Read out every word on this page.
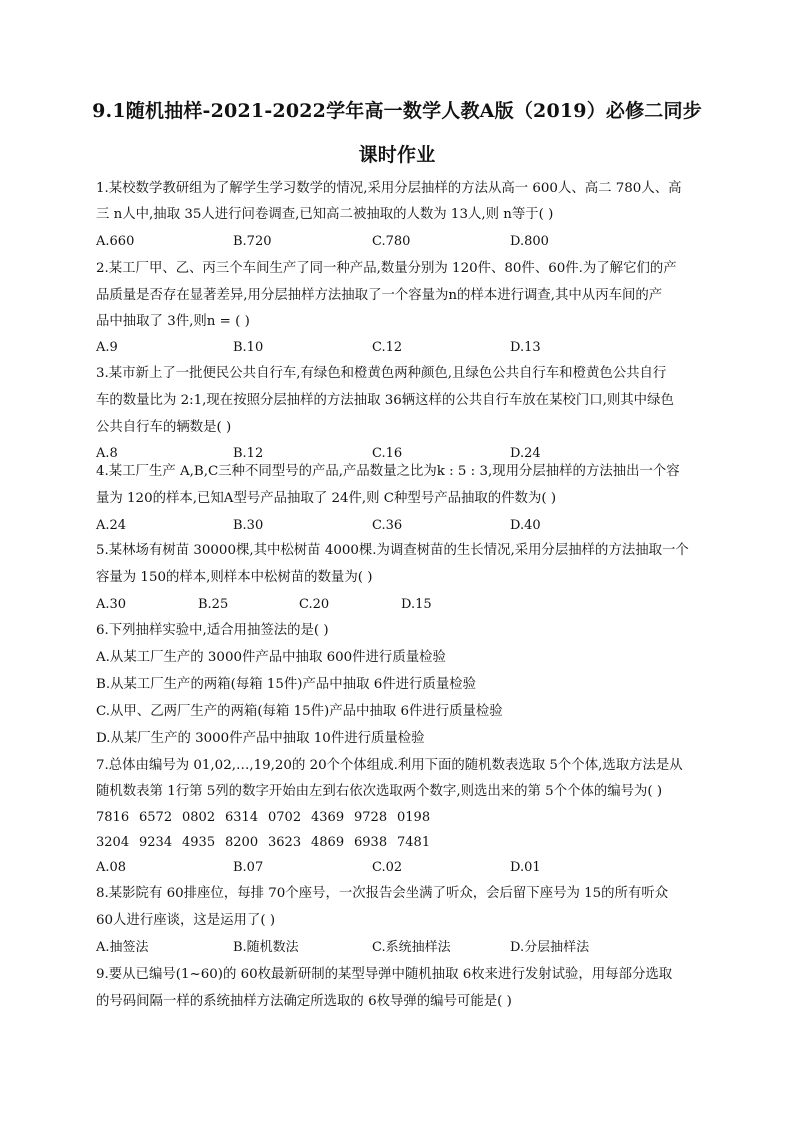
9.1随机抽样-2021-2022学年高一数学人教A版（2019）必修二同步
课时作业
1.某校数学教研组为了解学生学习数学的情况,采用分层抽样的方法从高一 600人、高二 780人、高
三 n人中,抽取 35人进行问卷调查,已知高二被抽取的人数为 13人,则 n等于( )
A.660	B.720	C.780	D.800
2.某工厂甲、乙、丙三个车间生产了同一种产品,数量分别为 120件、80件、60件.为了解它们的产
品质量是否存在显著差异,用分层抽样方法抽取了一个容量为n的样本进行调查,其中从丙车间的产
品中抽取了 3件,则n = ( )
A.9	B.10	C.12	D.13
3.某市新上了一批便民公共自行车,有绿色和橙黄色两种颜色,且绿色公共自行车和橙黄色公共自行
车的数量比为 2:1,现在按照分层抽样的方法抽取 36辆这样的公共自行车放在某校门口,则其中绿色
公共自行车的辆数是( )
A.8	B.12	C.16	D.24
4.某工厂生产 A,B,C三种不同型号的产品,产品数量之比为k : 5 : 3,现用分层抽样的方法抽出一个容
量为 120的样本,已知A型号产品抽取了 24件,则 C种型号产品抽取的件数为( )
A.24	B.30	C.36	D.40
5.某林场有树苗 30000棵,其中松树苗 4000棵.为调查树苗的生长情况,采用分层抽样的方法抽取一个
容量为 150的样本,则样本中松树苗的数量为( )
A.30	B.25	C.20	D.15
6.下列抽样实验中,适合用抽签法的是( )
A.从某工厂生产的 3000件产品中抽取 600件进行质量检验
B.从某工厂生产的两箱(每箱 15件)产品中抽取 6件进行质量检验
C.从甲、乙两厂生产的两箱(每箱 15件)产品中抽取 6件进行质量检验
D.从某厂生产的 3000件产品中抽取 10件进行质量检验
7.总体由编号为 01,02,…,19,20的 20个个体组成.利用下面的随机数表选取 5个个体,选取方法是从
随机数表第 1行第 5列的数字开始由左到右依次选取两个数字,则选出来的第 5个个体的编号为( )
7816 6572 0802 6314 0702 4369 9728 0198
3204 9234 4935 8200 3623 4869 6938 7481
A.08	B.07	C.02	D.01
8.某影院有 60排座位，每排 70个座号，一次报告会坐满了听众，会后留下座号为 15的所有听众
60人进行座谈，这是运用了( )
A.抽签法	B.随机数法	C.系统抽样法	D.分层抽样法
9.要从已编号(1~60)的 60枚最新研制的某型导弹中随机抽取 6枚来进行发射试验，用每部分选取
的号码间隔一样的系统抽样方法确定所选取的 6枚导弹的编号可能是( )
